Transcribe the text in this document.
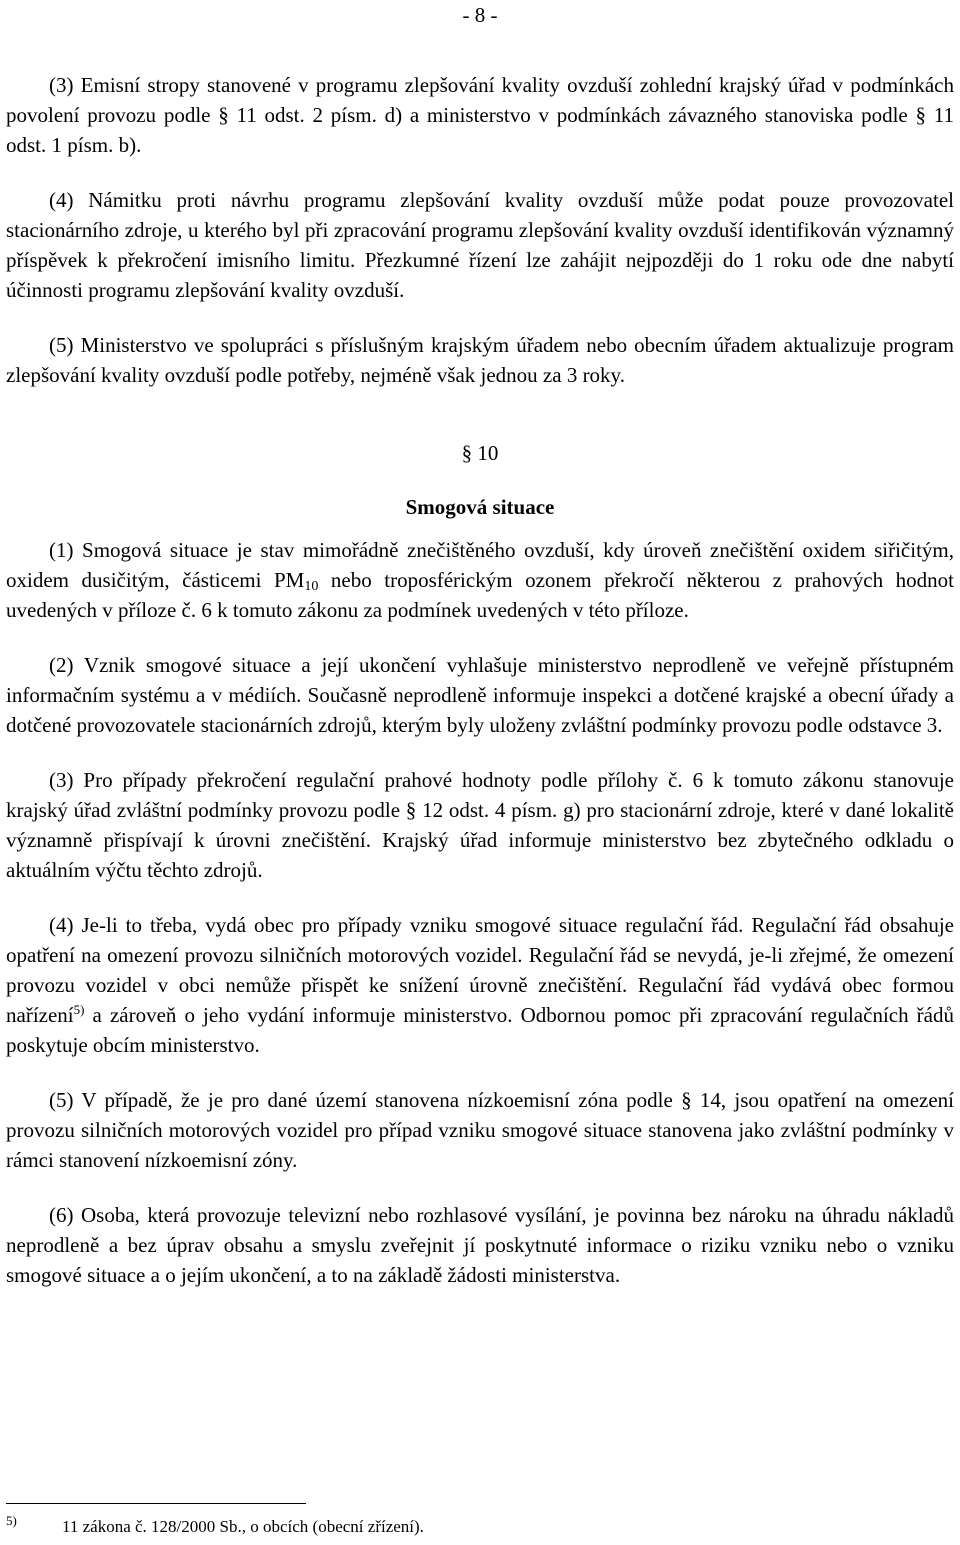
- 8 -

(3) Emisní stropy stanovené v programu zlepšování kvality ovzduší zohlední krajský úřad v podmínkách povolení provozu podle § 11 odst. 2 písm. d) a ministerstvo v podmínkách závazného stanoviska podle § 11 odst. 1 písm. b).

(4) Námitku proti návrhu programu zlepšování kvality ovzduší může podat pouze provozovatel stacionárního zdroje, u kterého byl při zpracování programu zlepšování kvality ovzduší identifikován významný příspěvek k překročení imisního limitu. Přezkumné řízení lze zahájit nejpozději do 1 roku ode dne nabytí účinnosti programu zlepšování kvality ovzduší.

(5) Ministerstvo ve spolupráci s příslušným krajským úřadem nebo obecním úřadem aktualizuje program zlepšování kvality ovzduší podle potřeby, nejméně však jednou za 3 roky.

§ 10
Smogová situace

(1) Smogová situace je stav mimořádně znečištěného ovzduší, kdy úroveň znečištění oxidem siřičitým, oxidem dusičitým, částicemi $PM_{10}$ nebo troposférickým ozonem překročí některou z prahových hodnot uvedených v příloze č. 6 k tomuto zákonu za podmínek uvedených v této příloze.

(2) Vznik smogové situace a její ukončení vyhlašuje ministerstvo neprodleně ve veřejně přístupném informačním systému a v médiích. Současně neprodleně informuje inspekci a dotčené krajské a obecní úřady a dotčené provozovatele stacionárních zdrojů, kterým byly uloženy zvláštní podmínky provozu podle odstavce 3.

(3) Pro případy překročení regulační prahové hodnoty podle přílohy č. 6 k tomuto zákonu stanovuje krajský úřad zvláštní podmínky provozu podle § 12 odst. 4 písm. g) pro stacionární zdroje, které v dané lokalitě významně přispívají k úrovni znečištění. Krajský úřad informuje ministerstvo bez zbytečného odkladu o aktuálním výčtu těchto zdrojů.

(4) Je-li to třeba, vydá obec pro případy vzniku smogové situace regulační řád. Regulační řád obsahuje opatření na omezení provozu silničních motorových vozidel. Regulační řád se nevydá, je-li zřejmé, že omezení provozu vozidel v obci nemůže přispět ke snížení úrovně znečištění. Regulační řád vydává obec formou nařízení$^{5)}$ a zároveň o jeho vydání informuje ministerstvo. Odbornou pomoc při zpracování regulačních řádů poskytuje obcím ministerstvo.

(5) V případě, že je pro dané území stanovena nízkoemisní zóna podle § 14, jsou opatření na omezení provozu silničních motorových vozidel pro případ vzniku smogové situace stanovena jako zvláštní podmínky v rámci stanovení nízkoemisní zóny.

(6) Osoba, která provozuje televizní nebo rozhlasové vysílání, je povinna bez nároku na úhradu nákladů neprodleně a bez úprav obsahu a smyslu zveřejnit jí poskytnuté informace o riziku vzniku nebo o vzniku smogové situace a o jejím ukončení, a to na základě žádosti ministerstva.

5)	11 zákona č. 128/2000 Sb., o obcích (obecní zřízení).
